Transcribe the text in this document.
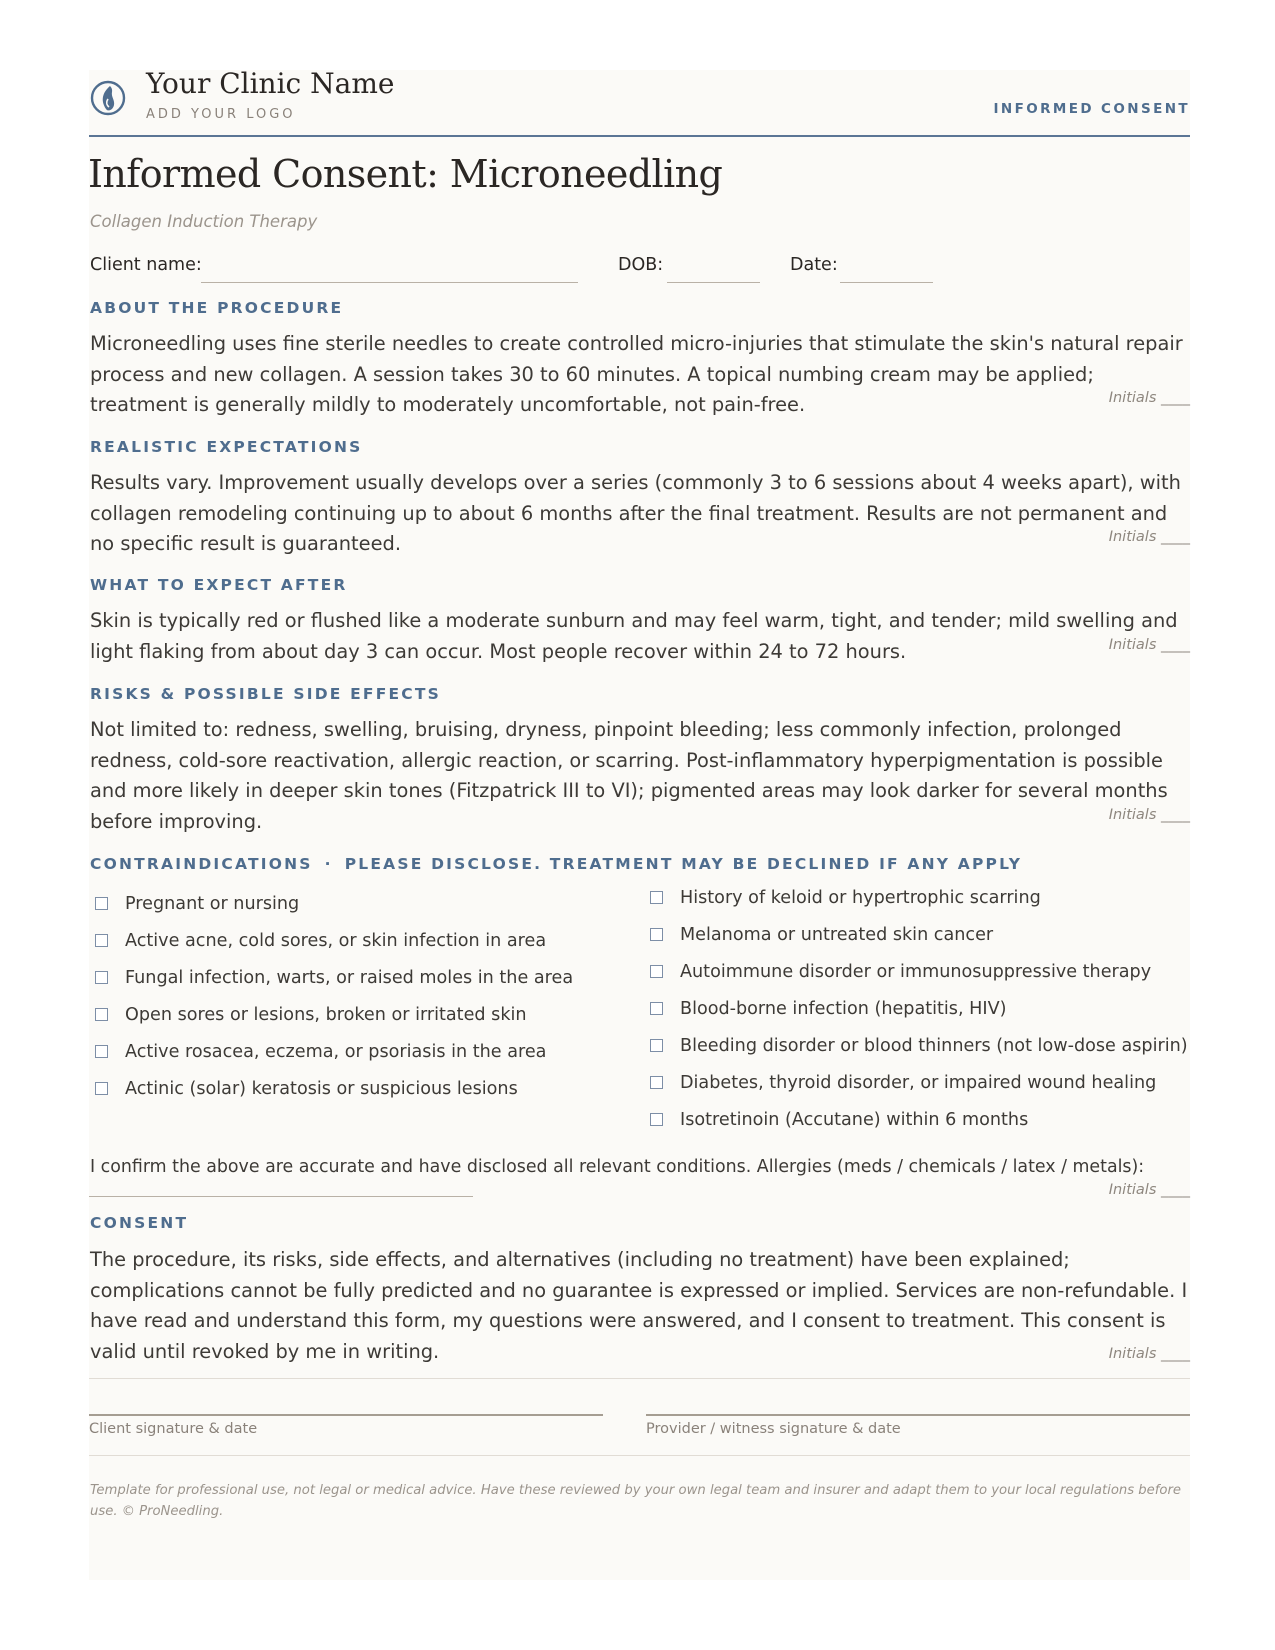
Your Clinic Name
ADD YOUR LOGO	INFORMED CONSENT
Informed Consent: Microneedling
Collagen Induction Therapy
Client name:	DOB:	Date:
ABOUT THE PROCEDURE
Microneedling uses fine sterile needles to create controlled micro-injuries that stimulate the skin's natural repair process and new collagen. A session takes 30 to 60 minutes. A topical numbing cream may be applied; treatment is generally mildly to moderately uncomfortable, not pain-free.	Initials ____
REALISTIC EXPECTATIONS
Results vary. Improvement usually develops over a series (commonly 3 to 6 sessions about 4 weeks apart), with collagen remodeling continuing up to about 6 months after the final treatment. Results are not permanent and no specific result is guaranteed.	Initials ____
WHAT TO EXPECT AFTER
Skin is typically red or flushed like a moderate sunburn and may feel warm, tight, and tender; mild swelling and light flaking from about day 3 can occur. Most people recover within 24 to 72 hours.	Initials ____
RISKS & POSSIBLE SIDE EFFECTS
Not limited to: redness, swelling, bruising, dryness, pinpoint bleeding; less commonly infection, prolonged redness, cold-sore reactivation, allergic reaction, or scarring. Post-inflammatory hyperpigmentation is possible and more likely in deeper skin tones (Fitzpatrick III to VI); pigmented areas may look darker for several months before improving.	Initials ____
CONTRAINDICATIONS · PLEASE DISCLOSE. TREATMENT MAY BE DECLINED IF ANY APPLY
Pregnant or nursing
Active acne, cold sores, or skin infection in area
Fungal infection, warts, or raised moles in the area
Open sores or lesions, broken or irritated skin
Active rosacea, eczema, or psoriasis in the area
Actinic (solar) keratosis or suspicious lesions
History of keloid or hypertrophic scarring
Melanoma or untreated skin cancer
Autoimmune disorder or immunosuppressive therapy
Blood-borne infection (hepatitis, HIV)
Bleeding disorder or blood thinners (not low-dose aspirin)
Diabetes, thyroid disorder, or impaired wound healing
Isotretinoin (Accutane) within 6 months
I confirm the above are accurate and have disclosed all relevant conditions. Allergies (meds / chemicals / latex / metals):
Initials ____
CONSENT
The procedure, its risks, side effects, and alternatives (including no treatment) have been explained; complications cannot be fully predicted and no guarantee is expressed or implied. Services are non-refundable. I have read and understand this form, my questions were answered, and I consent to treatment. This consent is valid until revoked by me in writing.	Initials ____
Client signature & date	Provider / witness signature & date
Template for professional use, not legal or medical advice. Have these reviewed by your own legal team and insurer and adapt them to your local regulations before use. © ProNeedling.
